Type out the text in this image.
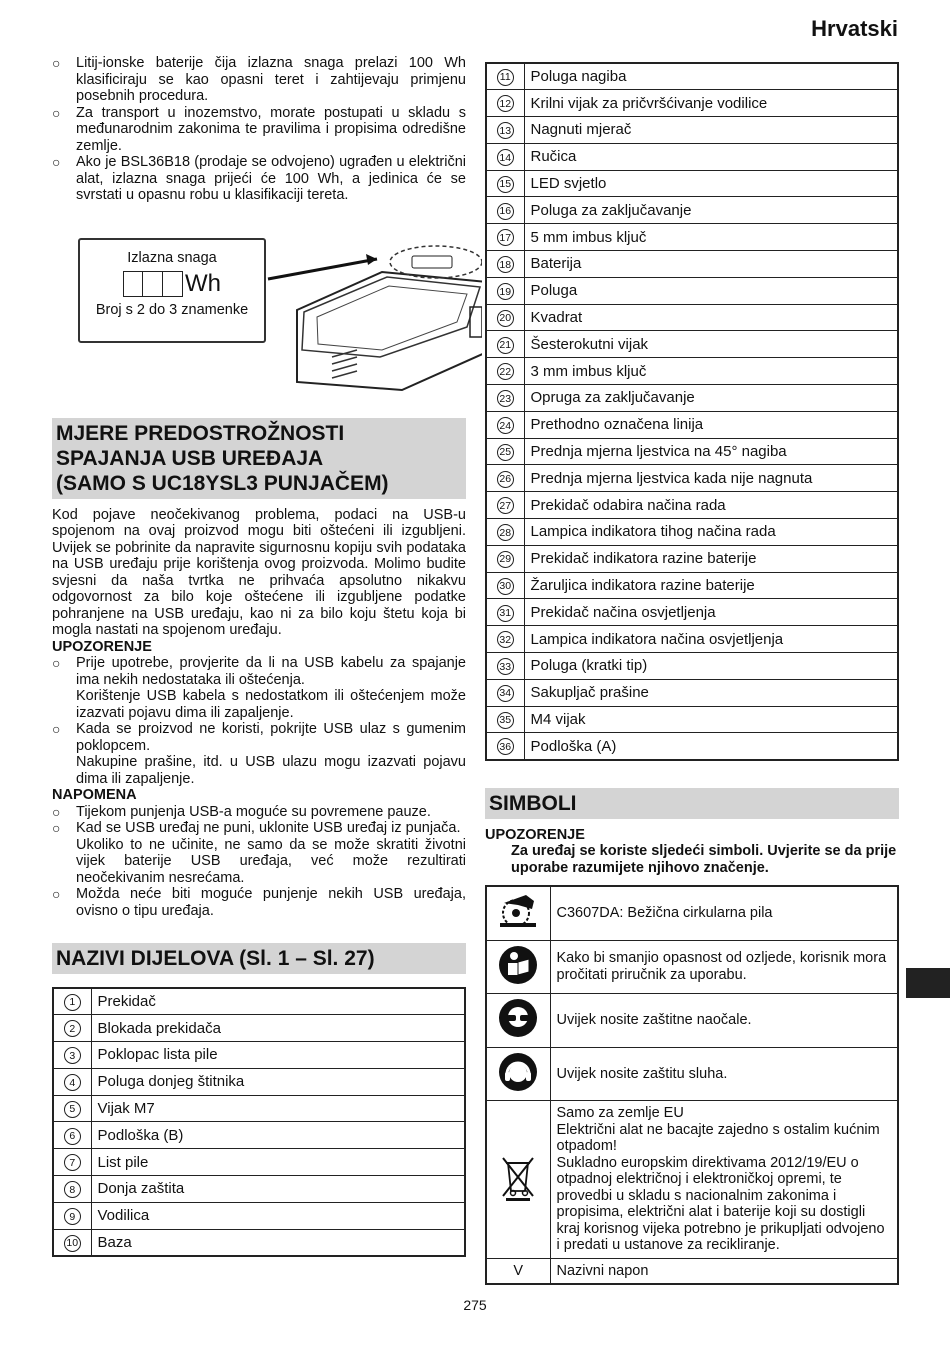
Hrvatski
○	Litij-ionske baterije čija izlazna snaga prelazi 100 Wh klasificiraju se kao opasni teret i zahtijevaju primjenu posebnih procedura.
○	Za transport u inozemstvo, morate postupati u skladu s međunarodnim zakonima te pravilima i propisima odredišne zemlje.
○	Ako je BSL36B18 (prodaje se odvojeno) ugrađen u električni alat, izlazna snaga prijeći će 100 Wh, a jedinica će se svrstati u opasnu robu u klasifikaciji tereta.
Izlazna snaga
Wh
Broj s 2 do 3 znamenke
MJERE PREDOSTROŽNOSTI
SPAJANJA USB UREĐAJA
(SAMO S UC18YSL3 PUNJAČEM)
Kod pojave neočekivanog problema, podaci na USB-u spojenom na ovaj proizvod mogu biti oštećeni ili izgubljeni. Uvijek se pobrinite da napravite sigurnosnu kopiju svih podataka na USB uređaju prije korištenja ovog proizvoda. Molimo budite svjesni da naša tvrtka ne prihvaća apsolutno nikakvu odgovornost za bilo koje oštećene ili izgubljene podatke pohranjene na USB uređaju, kao ni za bilo koju štetu koja bi mogla nastati na spojenom uređaju.
UPOZORENJE
○	Prije upotrebe, provjerite da li na USB kabelu za spajanje ima nekih nedostataka ili oštećenja.
Korištenje USB kabela s nedostatkom ili oštećenjem može izazvati pojavu dima ili zapaljenje.
○	Kada se proizvod ne koristi, pokrijte USB ulaz s gumenim poklopcem.
Nakupine prašine, itd. u USB ulazu mogu izazvati pojavu dima ili zapaljenje.
NAPOMENA
○	Tijekom punjenja USB-a moguće su povremene pauze.
○	Kad se USB uređaj ne puni, uklonite USB uređaj iz punjača.
Ukoliko to ne učinite, ne samo da se može skratiti životni vijek baterije USB uređaja, već može rezultirati neočekivanim nesrećama.
○	Možda neće biti moguće punjenje nekih USB uređaja, ovisno o tipu uređaja.
NAZIVI DIJELOVA (Sl. 1 – Sl. 27)
1	Prekidač
2	Blokada prekidača
3	Poklopac lista pile
4	Poluga donjeg štitnika
5	Vijak M7
6	Podloška (B)
7	List pile
8	Donja zaštita
9	Vodilica
10	Baza
11	Poluga nagiba
12	Krilni vijak za pričvršćivanje vodilice
13	Nagnuti mjerač
14	Ručica
15	LED svjetlo
16	Poluga za zaključavanje
17	5 mm imbus ključ
18	Baterija
19	Poluga
20	Kvadrat
21	Šesterokutni vijak
22	3 mm imbus ključ
23	Opruga za zaključavanje
24	Prethodno označena linija
25	Prednja mjerna ljestvica na 45° nagiba
26	Prednja mjerna ljestvica kada nije nagnuta
27	Prekidač odabira načina rada
28	Lampica indikatora tihog načina rada
29	Prekidač indikatora razine baterije
30	Žaruljica indikatora razine baterije
31	Prekidač načina osvjetljenja
32	Lampica indikatora načina osvjetljenja
33	Poluga (kratki tip)
34	Sakupljač prašine
35	M4 vijak
36	Podloška (A)
SIMBOLI
UPOZORENJE
Za uređaj se koriste sljedeći simboli. Uvjerite se da prije uporabe razumijete njihovo značenje.
	C3607DA: Bežična cirkularna pila
	Kako bi smanjio opasnost od ozljede, korisnik mora pročitati priručnik za uporabu.
	Uvijek nosite zaštitne naočale.
	Uvijek nosite zaštitu sluha.
	Samo za zemlje EU
Električni alat ne bacajte zajedno s ostalim kućnim otpadom!
Sukladno europskim direktivama 2012/19/EU o otpadnoj električnoj i elektroničkoj opremi, te provedbi u skladu s nacionalnim zakonima i propisima, električni alat i baterije koji su dostigli kraj korisnog vijeka potrebno je prikupljati odvojeno i predati u ustanove za recikliranje.
V	Nazivni napon
275
